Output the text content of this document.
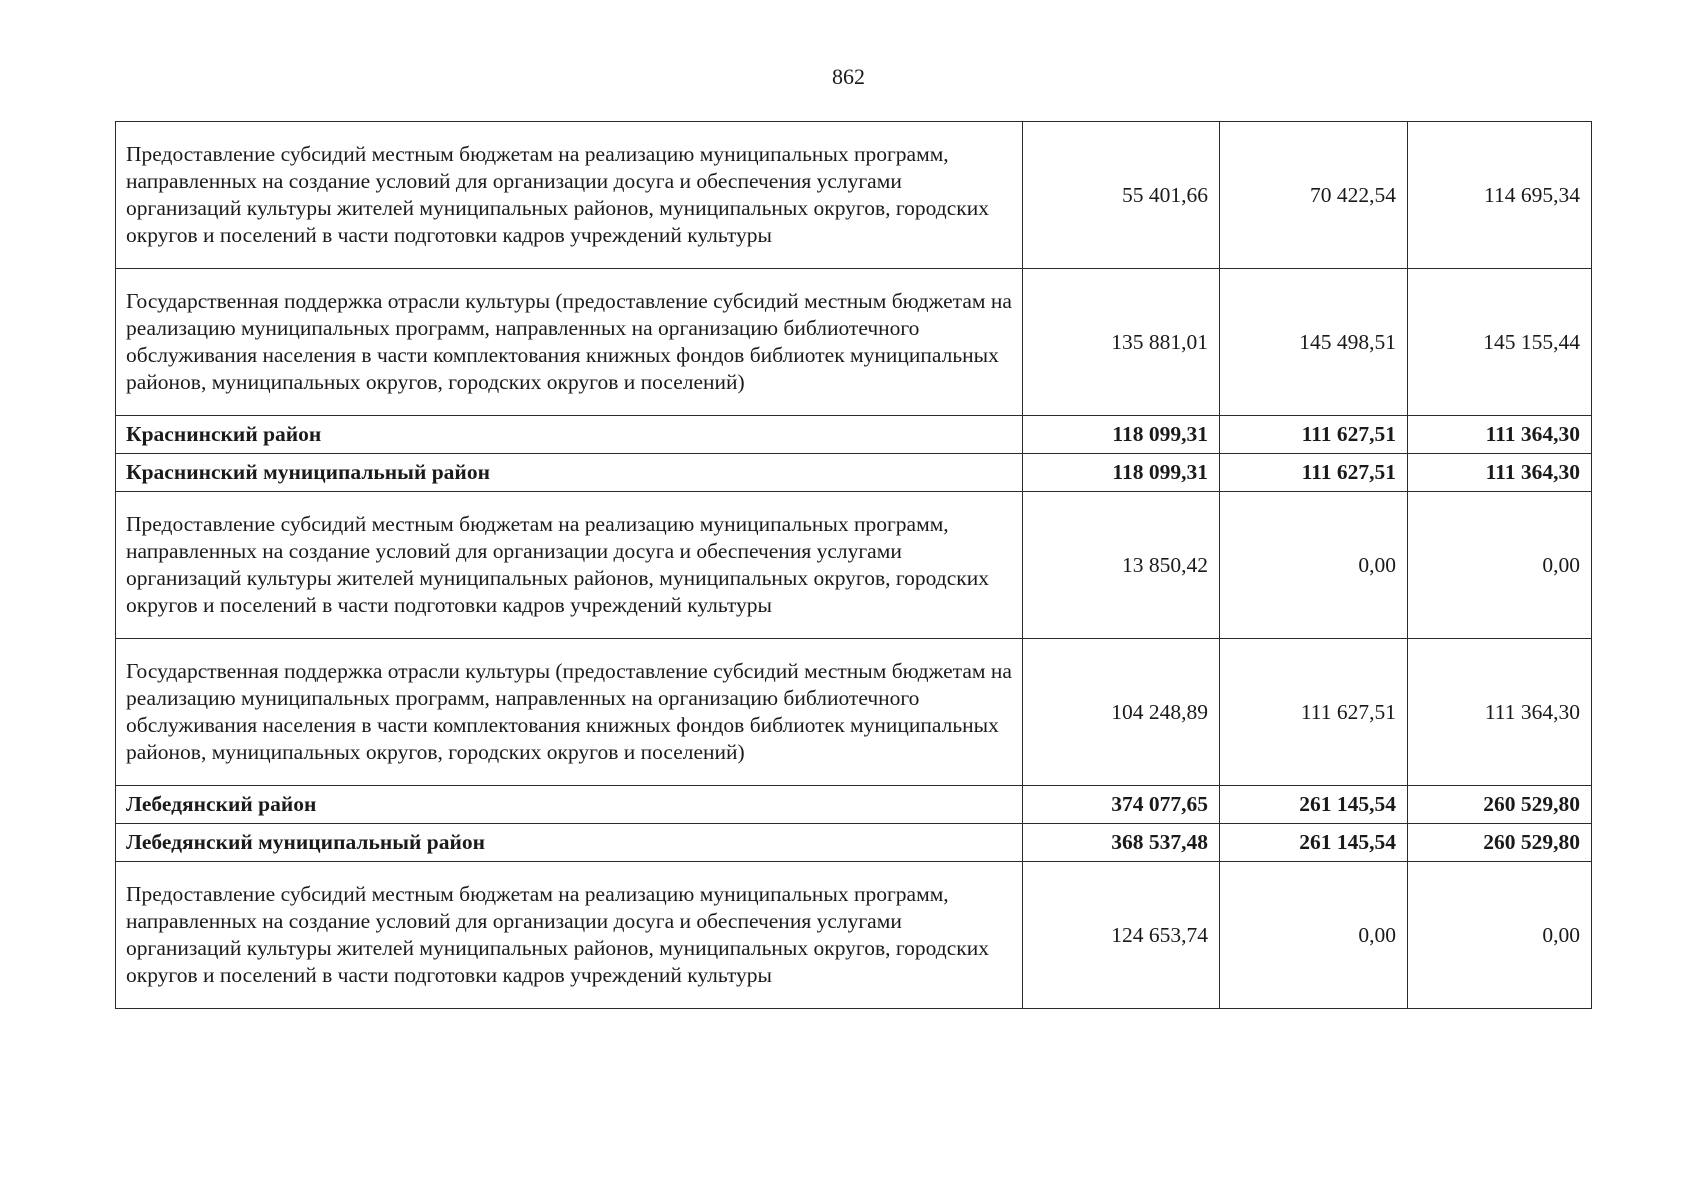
862
Предоставление субсидий местным бюджетам на реализацию муниципальных программ, направленных на создание условий для организации досуга и обеспечения услугами организаций культуры жителей муниципальных районов, муниципальных округов, городских округов и поселений в части подготовки кадров учреждений культуры	55 401,66	70 422,54	114 695,34
Государственная поддержка отрасли культуры (предоставление субсидий местным бюджетам на реализацию муниципальных программ, направленных на организацию библиотечного обслуживания населения в части комплектования книжных фондов библиотек муниципальных районов, муниципальных округов, городских округов и поселений)	135 881,01	145 498,51	145 155,44
Краснинский район	118 099,31	111 627,51	111 364,30
Краснинский муниципальный район	118 099,31	111 627,51	111 364,30
Предоставление субсидий местным бюджетам на реализацию муниципальных программ, направленных на создание условий для организации досуга и обеспечения услугами организаций культуры жителей муниципальных районов, муниципальных округов, городских округов и поселений в части подготовки кадров учреждений культуры	13 850,42	0,00	0,00
Государственная поддержка отрасли культуры (предоставление субсидий местным бюджетам на реализацию муниципальных программ, направленных на организацию библиотечного обслуживания населения в части комплектования книжных фондов библиотек муниципальных районов, муниципальных округов, городских округов и поселений)	104 248,89	111 627,51	111 364,30
Лебедянский район	374 077,65	261 145,54	260 529,80
Лебедянский муниципальный район	368 537,48	261 145,54	260 529,80
Предоставление субсидий местным бюджетам на реализацию муниципальных программ, направленных на создание условий для организации досуга и обеспечения услугами организаций культуры жителей муниципальных районов, муниципальных округов, городских округов и поселений в части подготовки кадров учреждений культуры	124 653,74	0,00	0,00
